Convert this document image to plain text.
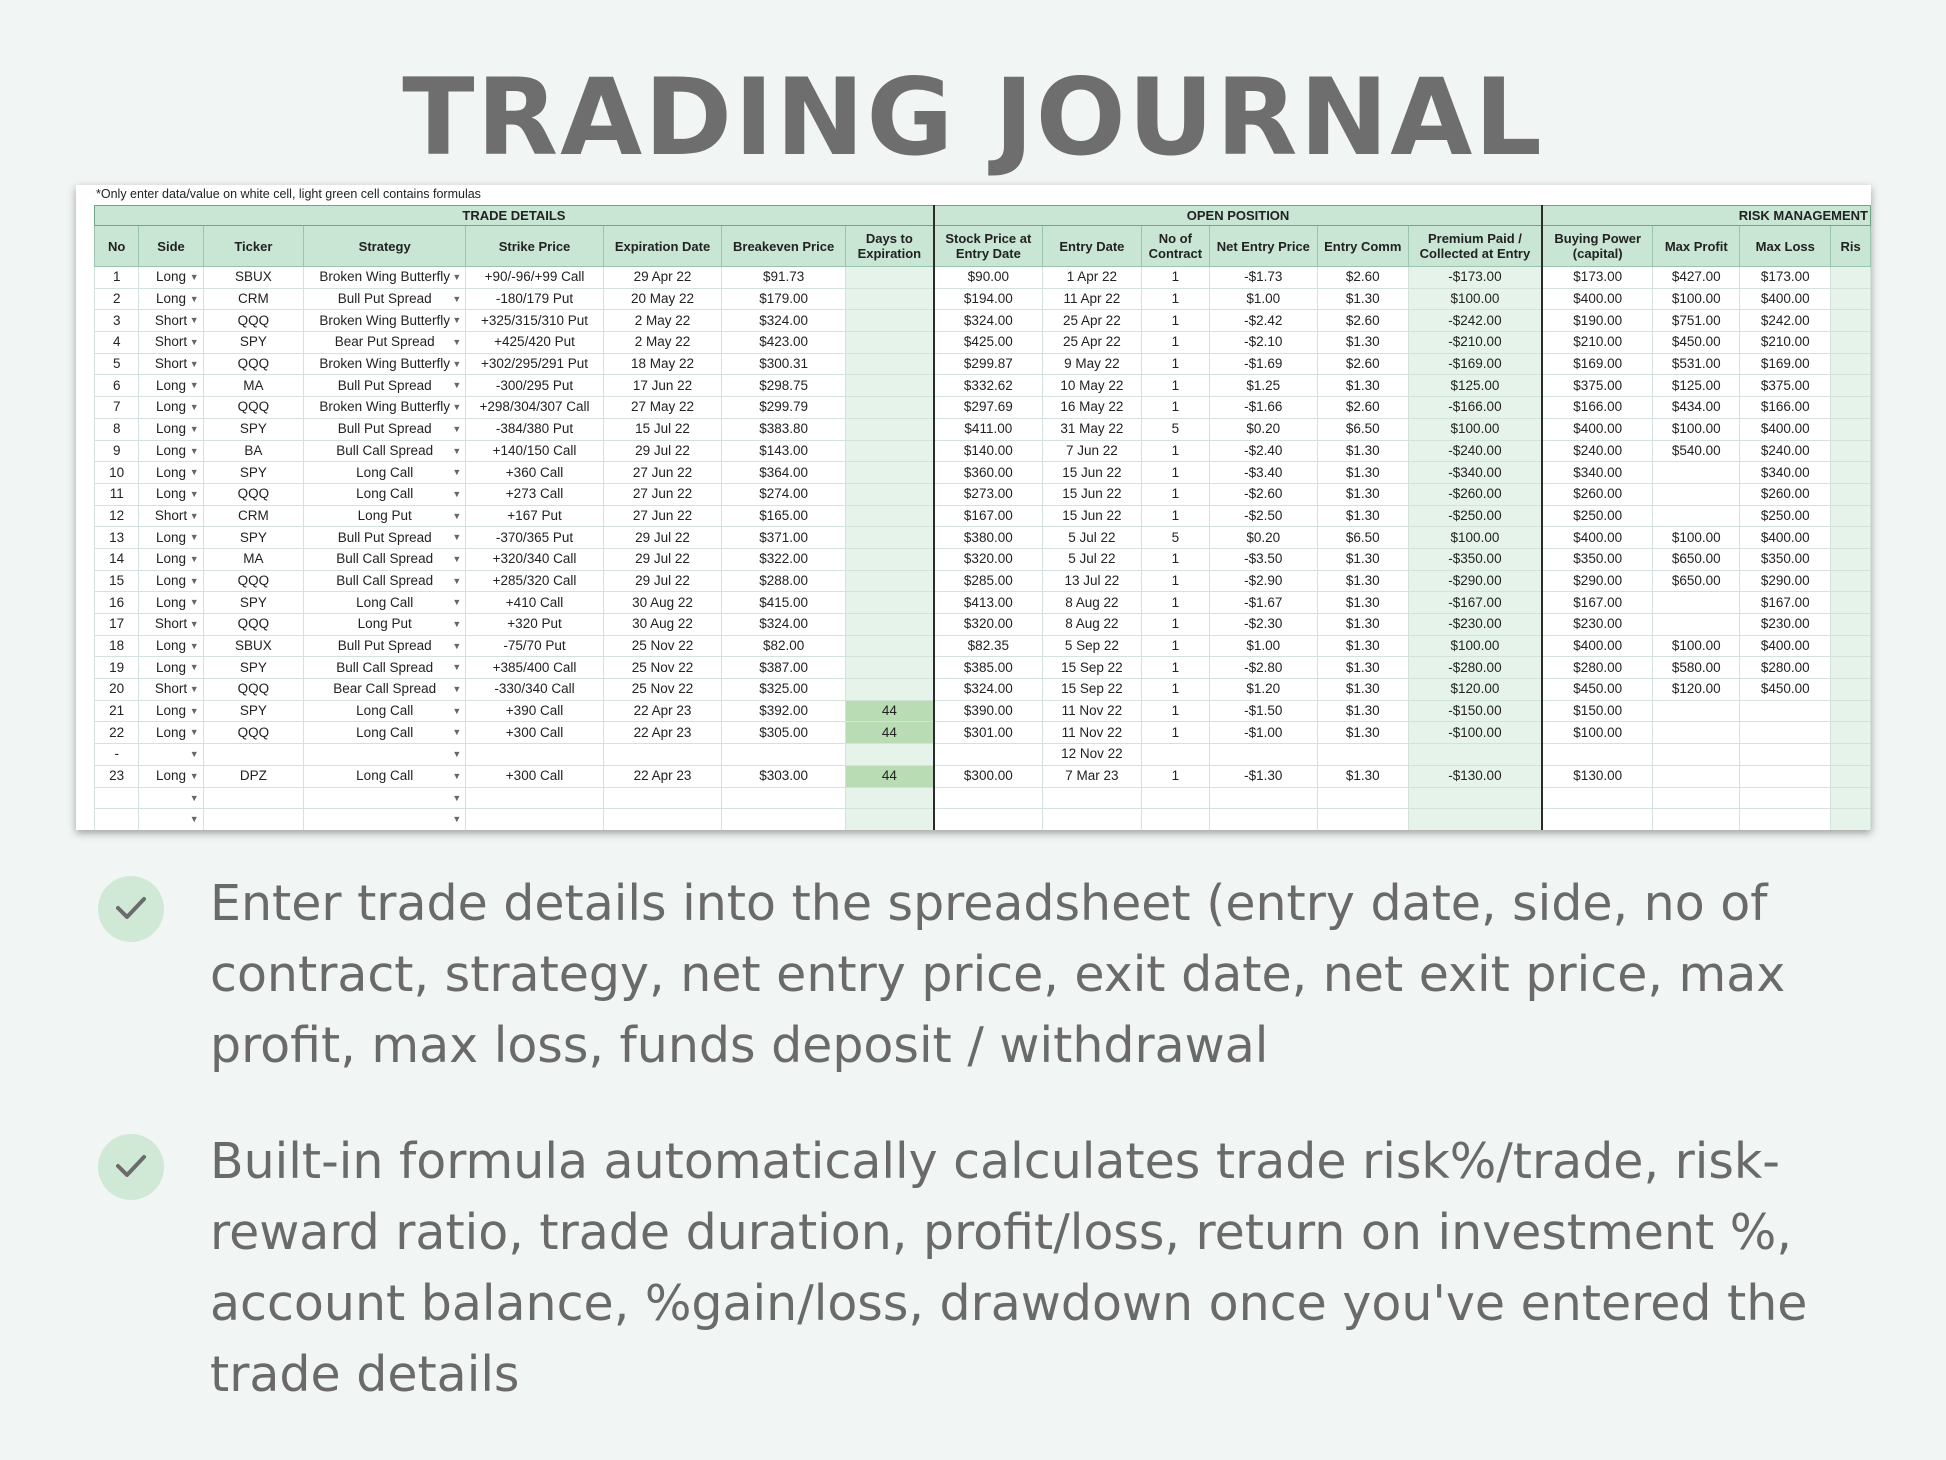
TRADING JOURNAL
*Only enter data/value on white cell, light green cell contains formulas
TRADE DETAILS								OPEN POSITION						RISK MANAGEMENT			
No	Side	Ticker	Strategy	Strike Price	Expiration Date	Breakeven Price	Days to Expiration	Stock Price at Entry Date	Entry Date	No of Contract	Net Entry Price	Entry Comm	Premium Paid / Collected at Entry	Buying Power (capital)	Max Profit	Max Loss	Ris
1	Long ▼	SBUX	Broken Wing Butterfly ▼	+90/-96/+99 Call	29 Apr 22	$91.73		$90.00	1 Apr 22	1	-$1.73	$2.60	-$173.00	$173.00	$427.00	$173.00	
2	Long ▼	CRM	Bull Put Spread ▼	-180/179 Put	20 May 22	$179.00		$194.00	11 Apr 22	1	$1.00	$1.30	$100.00	$400.00	$100.00	$400.00	
3	Short ▼	QQQ	Broken Wing Butterfly ▼	+325/315/310 Put	2 May 22	$324.00		$324.00	25 Apr 22	1	-$2.42	$2.60	-$242.00	$190.00	$751.00	$242.00	
4	Short ▼	SPY	Bear Put Spread ▼	+425/420 Put	2 May 22	$423.00		$425.00	25 Apr 22	1	-$2.10	$1.30	-$210.00	$210.00	$450.00	$210.00	
5	Short ▼	QQQ	Broken Wing Butterfly ▼	+302/295/291 Put	18 May 22	$300.31		$299.87	9 May 22	1	-$1.69	$2.60	-$169.00	$169.00	$531.00	$169.00	
6	Long ▼	MA	Bull Put Spread ▼	-300/295 Put	17 Jun 22	$298.75		$332.62	10 May 22	1	$1.25	$1.30	$125.00	$375.00	$125.00	$375.00	
7	Long ▼	QQQ	Broken Wing Butterfly ▼	+298/304/307 Call	27 May 22	$299.79		$297.69	16 May 22	1	-$1.66	$2.60	-$166.00	$166.00	$434.00	$166.00	
8	Long ▼	SPY	Bull Put Spread ▼	-384/380 Put	15 Jul 22	$383.80		$411.00	31 May 22	5	$0.20	$6.50	$100.00	$400.00	$100.00	$400.00	
9	Long ▼	BA	Bull Call Spread ▼	+140/150 Call	29 Jul 22	$143.00		$140.00	7 Jun 22	1	-$2.40	$1.30	-$240.00	$240.00	$540.00	$240.00	
10	Long ▼	SPY	Long Call ▼	+360 Call	27 Jun 22	$364.00		$360.00	15 Jun 22	1	-$3.40	$1.30	-$340.00	$340.00		$340.00	
11	Long ▼	QQQ	Long Call ▼	+273 Call	27 Jun 22	$274.00		$273.00	15 Jun 22	1	-$2.60	$1.30	-$260.00	$260.00		$260.00	
12	Short ▼	CRM	Long Put ▼	+167 Put	27 Jun 22	$165.00		$167.00	15 Jun 22	1	-$2.50	$1.30	-$250.00	$250.00		$250.00	
13	Long ▼	SPY	Bull Put Spread ▼	-370/365 Put	29 Jul 22	$371.00		$380.00	5 Jul 22	5	$0.20	$6.50	$100.00	$400.00	$100.00	$400.00	
14	Long ▼	MA	Bull Call Spread ▼	+320/340 Call	29 Jul 22	$322.00		$320.00	5 Jul 22	1	-$3.50	$1.30	-$350.00	$350.00	$650.00	$350.00	
15	Long ▼	QQQ	Bull Call Spread ▼	+285/320 Call	29 Jul 22	$288.00		$285.00	13 Jul 22	1	-$2.90	$1.30	-$290.00	$290.00	$650.00	$290.00	
16	Long ▼	SPY	Long Call ▼	+410 Call	30 Aug 22	$415.00		$413.00	8 Aug 22	1	-$1.67	$1.30	-$167.00	$167.00		$167.00	
17	Short ▼	QQQ	Long Put ▼	+320 Put	30 Aug 22	$324.00		$320.00	8 Aug 22	1	-$2.30	$1.30	-$230.00	$230.00		$230.00	
18	Long ▼	SBUX	Bull Put Spread ▼	-75/70 Put	25 Nov 22	$82.00		$82.35	5 Sep 22	1	$1.00	$1.30	$100.00	$400.00	$100.00	$400.00	
19	Long ▼	SPY	Bull Call Spread ▼	+385/400 Call	25 Nov 22	$387.00		$385.00	15 Sep 22	1	-$2.80	$1.30	-$280.00	$280.00	$580.00	$280.00	
20	Short ▼	QQQ	Bear Call Spread ▼	-330/340 Call	25 Nov 22	$325.00		$324.00	15 Sep 22	1	$1.20	$1.30	$120.00	$450.00	$120.00	$450.00	
21	Long ▼	SPY	Long Call ▼	+390 Call	22 Apr 23	$392.00	44	$390.00	11 Nov 22	1	-$1.50	$1.30	-$150.00	$150.00			
22	Long ▼	QQQ	Long Call ▼	+300 Call	22 Apr 23	$305.00	44	$301.00	11 Nov 22	1	-$1.00	$1.30	-$100.00	$100.00			
-	▼		▼						12 Nov 22								
23	Long ▼	DPZ	Long Call ▼	+300 Call	22 Apr 23	$303.00	44	$300.00	7 Mar 23	1	-$1.30	$1.30	-$130.00	$130.00			

	▼		▼														

	▼		▼														

Enter trade details into the spreadsheet (entry date, side, no of contract, strategy, net entry price, exit date, net exit price, max profit, max loss, funds deposit / withdrawal
Built-in formula automatically calculates trade risk%/trade, risk-reward ratio, trade duration, profit/loss, return on investment %, account balance, %gain/loss, drawdown once you've entered the trade details
